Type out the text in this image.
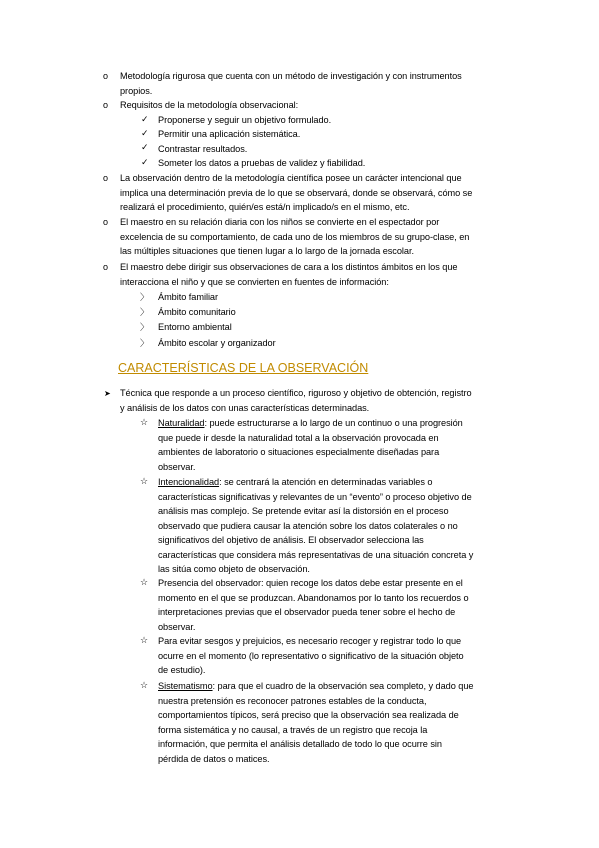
o Metodología rigurosa que cuenta con un método de investigación y con instrumentos
propios.
o Requisitos de la metodología observacional:
✓ Proponerse y seguir un objetivo formulado.
✓ Permitir una aplicación sistemática.
✓ Contrastar resultados.
✓ Someter los datos a pruebas de validez y fiabilidad.
o La observación dentro de la metodología científica posee un carácter intencional que
implica una determinación previa de lo que se observará, donde se observará, cómo se
realizará el procedimiento, quién/es está/n implicado/s en el mismo, etc.
o El maestro en su relación diaria con los niños se convierte en el espectador por
excelencia de su comportamiento, de cada uno de los miembros de su grupo-clase, en
las múltiples situaciones que tienen lugar a lo largo de la jornada escolar.
o El maestro debe dirigir sus observaciones de cara a los distintos ámbitos en los que
interacciona el niño y que se convierten en fuentes de información:
〉 Ámbito familiar
〉 Ámbito comunitario
〉 Entorno ambiental
〉 Ámbito escolar y organizador
CARACTERÍSTICAS DE LA OBSERVACIÓN
➤ Técnica que responde a un proceso científico, riguroso y objetivo de obtención, registro
y análisis de los datos con unas características determinadas.
☆ Naturalidad: puede estructurarse a lo largo de un continuo o una progresión
que puede ir desde la naturalidad total a la observación provocada en
ambientes de laboratorio o situaciones especialmente diseñadas para
observar.
☆ Intencionalidad: se centrará la atención en determinadas variables o
características significativas y relevantes de un “evento” o proceso objetivo de
análisis mas complejo. Se pretende evitar así la distorsión en el proceso
observado que pudiera causar la atención sobre los datos colaterales o no
significativos del objetivo de análisis. El observador selecciona las
características que considera más representativas de una situación concreta y
las sitúa como objeto de observación.
☆ Presencia del observador: quien recoge los datos debe estar presente en el
momento en el que se produzcan. Abandonamos por lo tanto los recuerdos o
interpretaciones previas que el observador pueda tener sobre el hecho de
observar.
☆ Para evitar sesgos y prejuicios, es necesario recoger y registrar todo lo que
ocurre en el momento (lo representativo o significativo de la situación objeto
de estudio).
☆ Sistematismo: para que el cuadro de la observación sea completo, y dado que
nuestra pretensión es reconocer patrones estables de la conducta,
comportamientos típicos, será preciso que la observación sea realizada de
forma sistemática y no causal, a través de un registro que recoja la
información, que permita el análisis detallado de todo lo que ocurre sin
pérdida de datos o matices.
